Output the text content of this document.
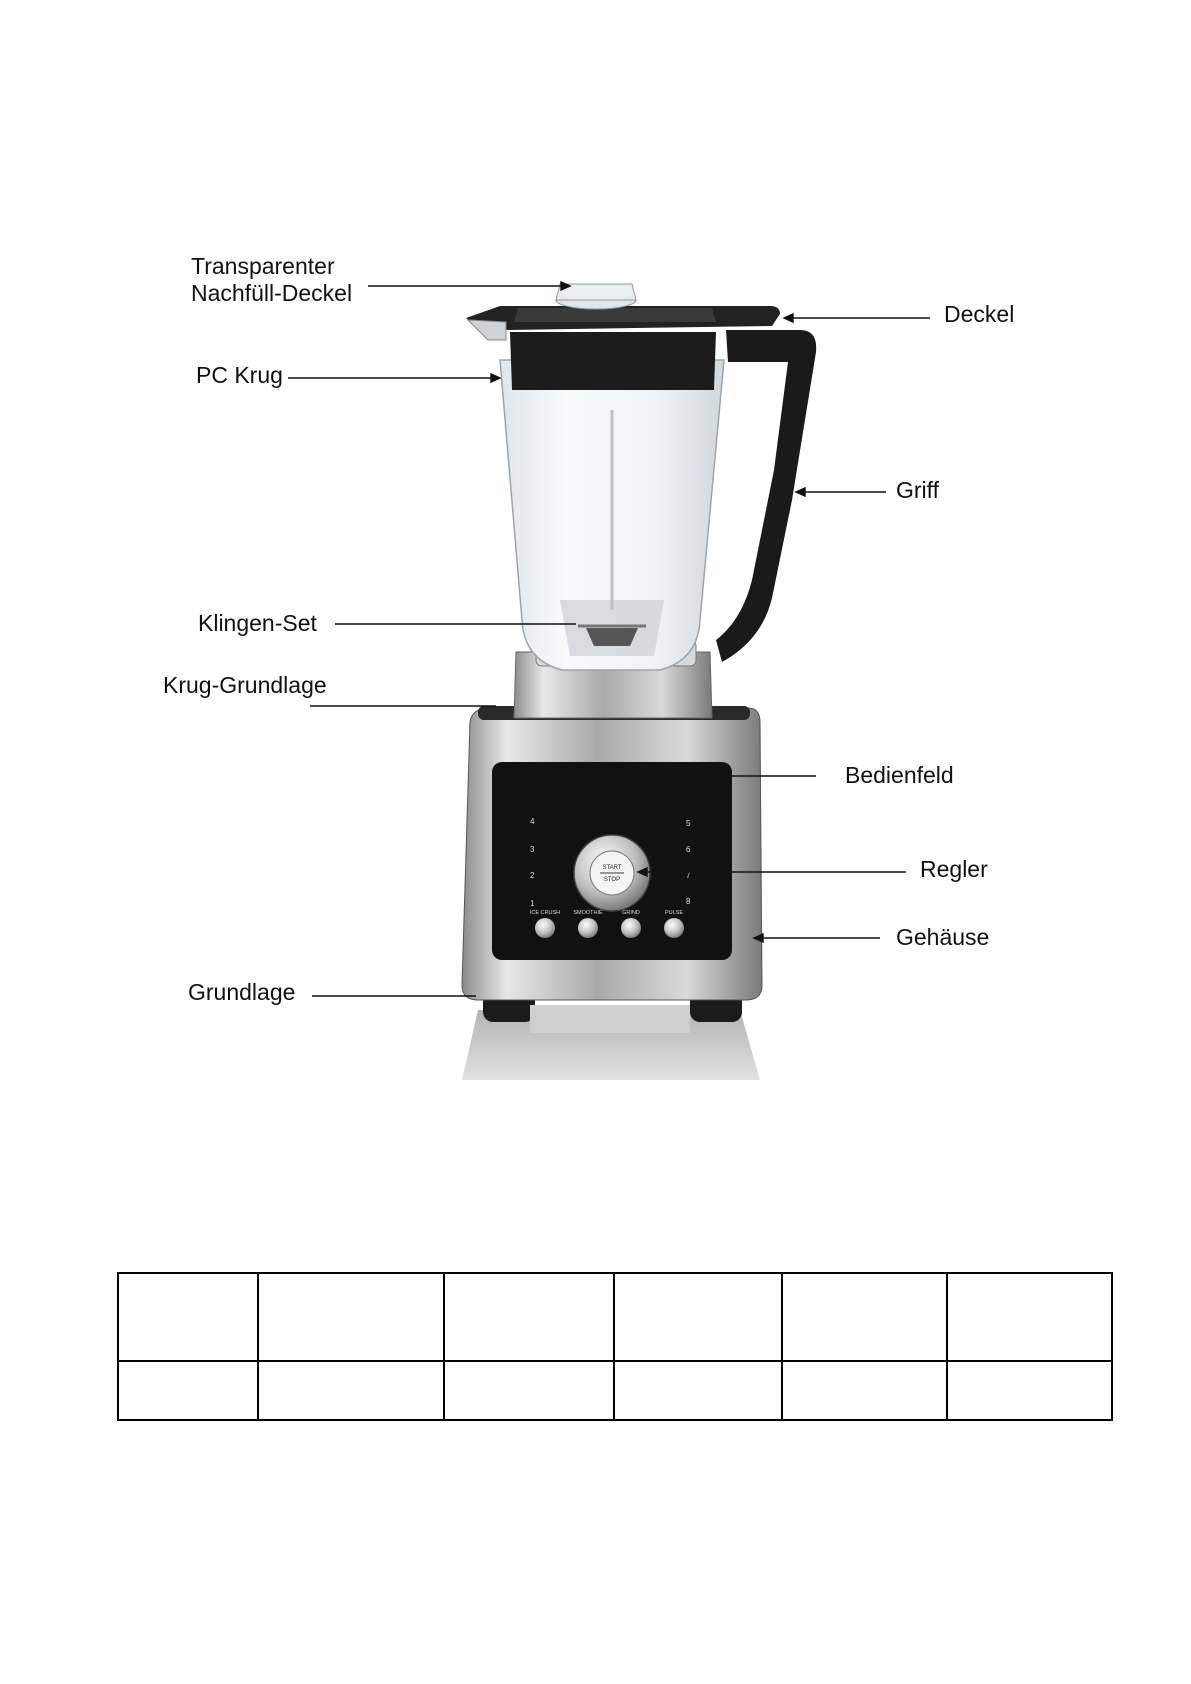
4
3
2
1
5
6
7
8
START
STOP
ICE CRUSH SMOOTHIE	GRIND	PULSE
Transparenter
Nachfüll-Deckel
PC Krug
Deckel
Griff
Klingen-Set
Krug-Grundlage
Bedienfeld
Regler
Gehäuse
Grundlage
